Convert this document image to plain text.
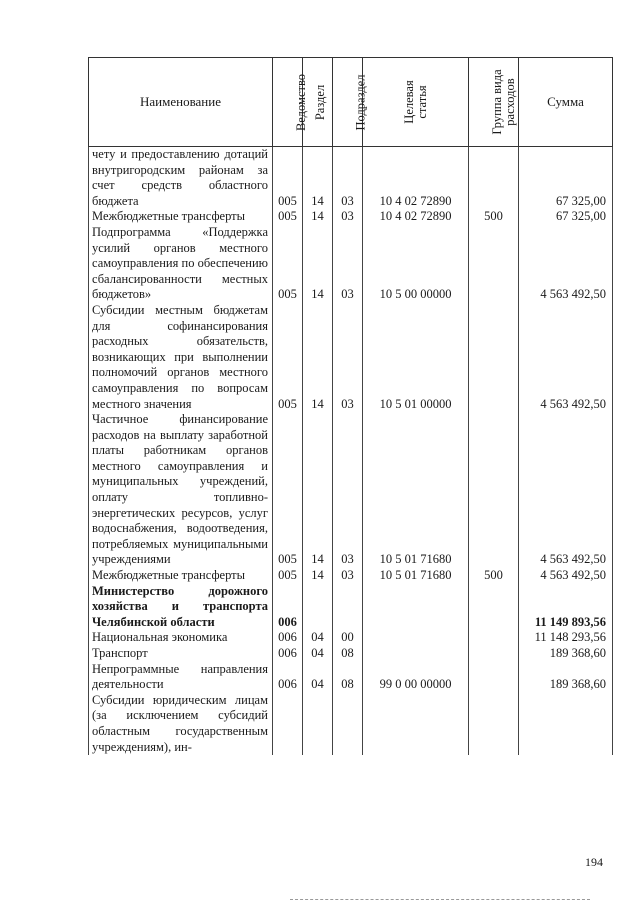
Наименование	Ведомство	Раздел	Подраздел	Целевая статья	Группа вида расходов	Сумма
чету и предоставлению дотаций внутригородским районам за счет средств областного бюджета	005	14	03	10 4 02 72890		67 325,00
Межбюджетные трансферты	005	14	03	10 4 02 72890	500	67 325,00
Подпрограмма «Поддержка усилий органов местного самоуправления по обеспечению сбалансированности местных бюджетов»	005	14	03	10 5 00 00000		4 563 492,50
Субсидии местным бюджетам для софинансирования расходных обязательств, возникающих при выполнении полномочий органов местного самоуправления по вопросам местного значения	005	14	03	10 5 01 00000		4 563 492,50
Частичное финансирование расходов на выплату заработной платы работникам органов местного самоуправления и муниципальных учреждений, оплату топливно-энергетических ресурсов, услуг водоснабжения, водоотведения, потребляемых муниципальными учреждениями	005	14	03	10 5 01 71680		4 563 492,50
Межбюджетные трансферты	005	14	03	10 5 01 71680	500	4 563 492,50
Министерство дорожного хозяйства и транспорта Челябинской области	006					11 149 893,56
Национальная экономика	006	04	00			11 148 293,56
Транспорт	006	04	08			189 368,60
Непрограммные направления деятельности	006	04	08	99 0 00 00000		189 368,60
Субсидии юридическим лицам (за исключением субсидий областным государственным учреждениям), ин-						
194
